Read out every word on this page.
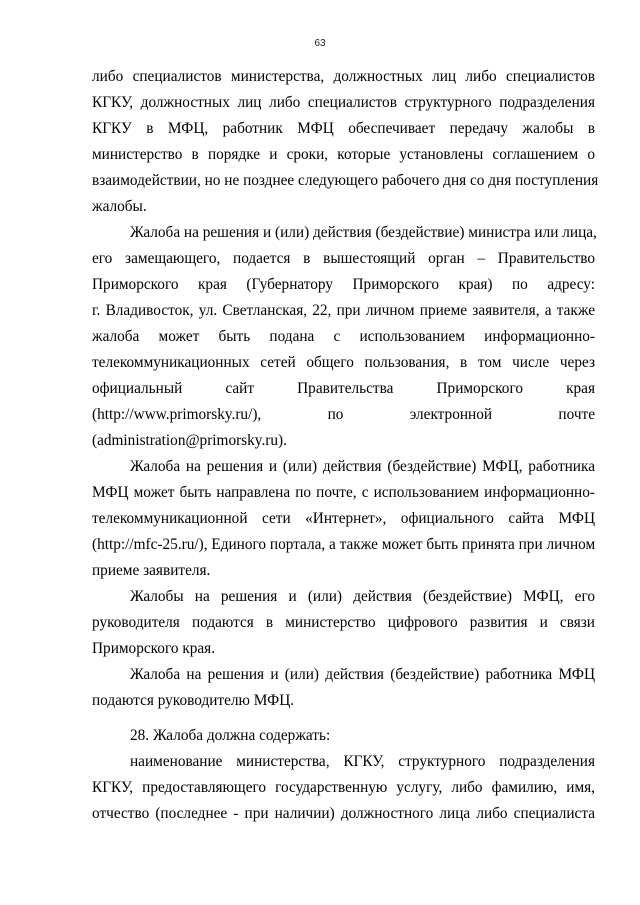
63
либо специалистов министерства, должностных лиц либо специалистов
КГКУ, должностных лиц либо специалистов структурного подразделения
КГКУ в МФЦ, работник МФЦ обеспечивает передачу жалобы в
министерство в порядке и сроки, которые установлены соглашением о
взаимодействии, но не позднее следующего рабочего дня со дня поступления
жалобы.
Жалоба на решения и (или) действия (бездействие) министра или лица,
его замещающего, подается в вышестоящий орган – Правительство
Приморского края (Губернатору Приморского края) по адресу:
г. Владивосток, ул. Светланская, 22, при личном приеме заявителя, а также
жалоба может быть подана с использованием информационно-
телекоммуникационных сетей общего пользования, в том числе через
официальный сайт Правительства Приморского края
(http://www.primorsky.ru/), по электронной почте
(administration@primorsky.ru).
Жалоба на решения и (или) действия (бездействие) МФЦ, работника
МФЦ может быть направлена по почте, с использованием информационно-
телекоммуникационной сети «Интернет», официального сайта МФЦ
(http://mfc-25.ru/), Единого портала, а также может быть принята при личном
приеме заявителя.
Жалобы на решения и (или) действия (бездействие) МФЦ, его
руководителя подаются в министерство цифрового развития и связи
Приморского края.
Жалоба на решения и (или) действия (бездействие) работника МФЦ
подаются руководителю МФЦ.
28. Жалоба должна содержать:
наименование министерства, КГКУ, структурного подразделения
КГКУ, предоставляющего государственную услугу, либо фамилию, имя,
отчество (последнее - при наличии) должностного лица либо специалиста
